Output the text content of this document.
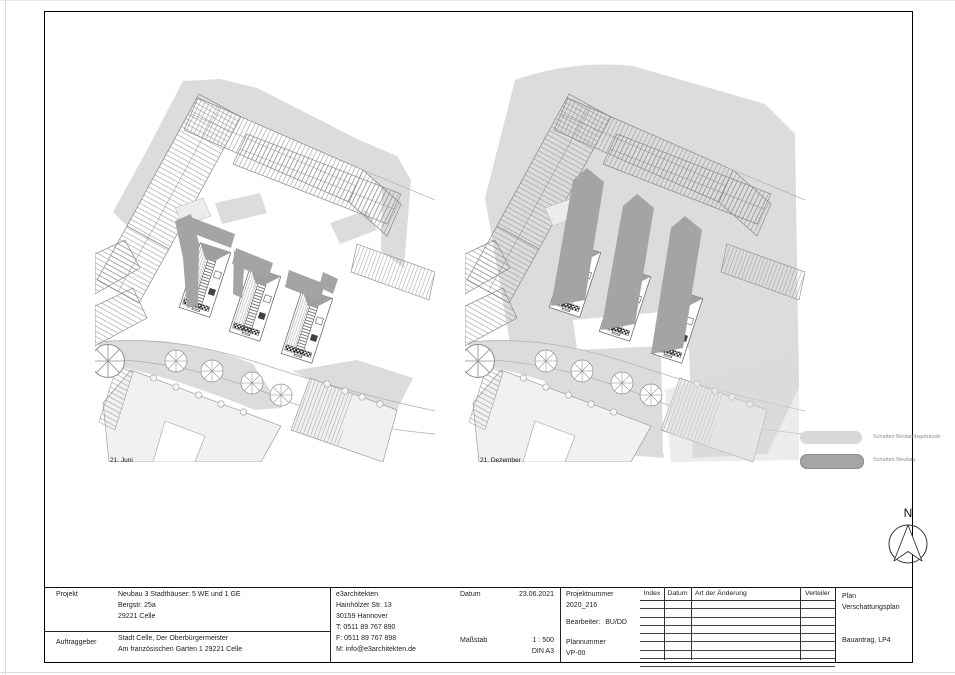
21. Juni	21. Dezember
Schatten Bestandsgebäude
Schatten Neubau
N
Projekt	Neubau 3 Stadthäuser: 5 WE und 1 GE
Bergstr. 25a
29221 Celle
Auftraggeber
Stadt Celle, Der Oberbürgermeister
Am französischen Garten 1 29221 Celle
e3architekten
Hainhölzer Str. 13
30159 Hannover
T: 0511 89 767 890
F: 0511 89 767 898
M: info@e3architekten.de
Datum	23.06.2021
Maßstab	1 : 500
DIN A3
Projektnummer
2020_216
Bearbeiter: BU/DD
Plannummer
VP-00
Index	Datum	Art der Änderung	Verteiler	Plan
Verschattungsplan
Bauantrag, LP4
